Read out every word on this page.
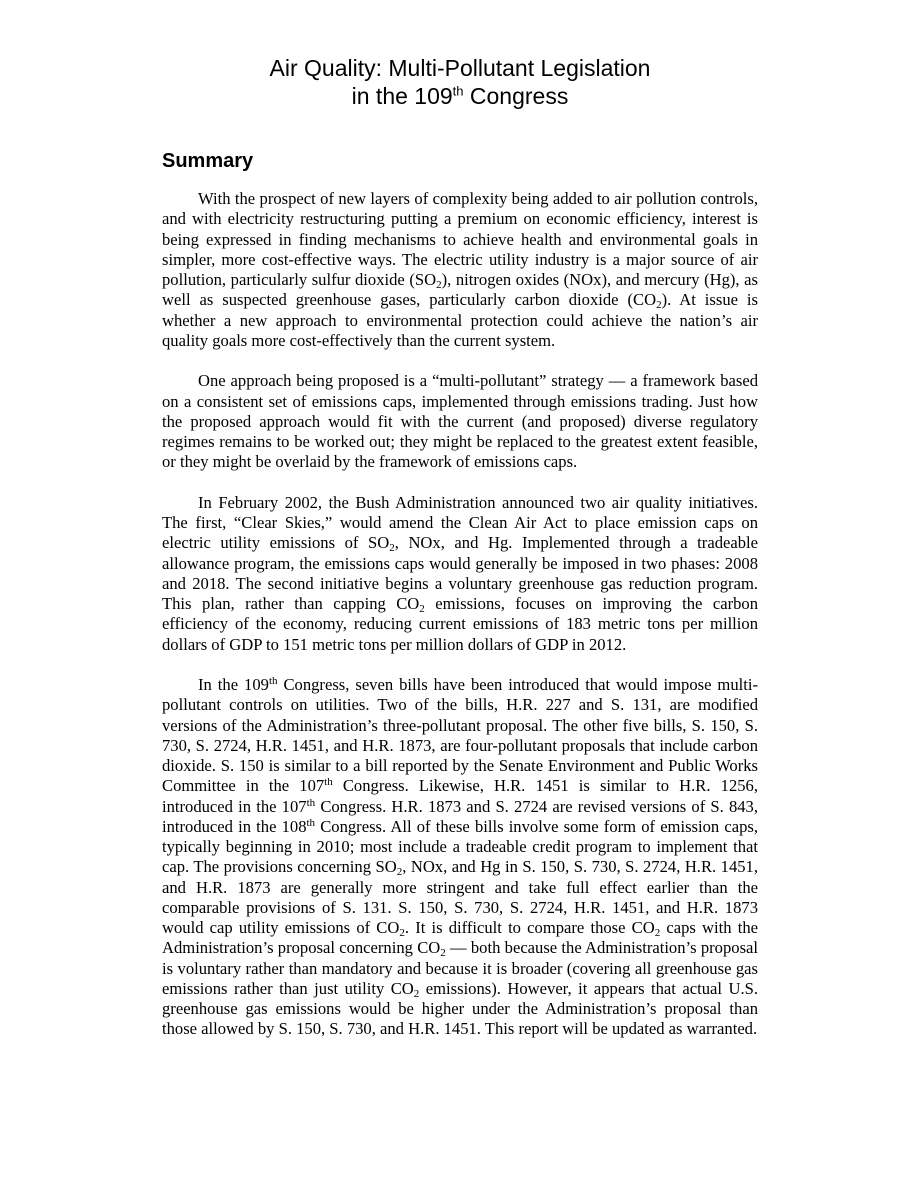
Air Quality: Multi-Pollutant Legislation
in the 109th Congress
Summary

With the prospect of new layers of complexity being added to air pollution controls, and with electricity restructuring putting a premium on economic efficiency, interest is being expressed in finding mechanisms to achieve health and environmental goals in simpler, more cost-effective ways. The electric utility industry is a major source of air pollution, particularly sulfur dioxide $(SO_2)$, nitrogen oxides (NOx), and mercury (Hg), as well as suspected greenhouse gases, particularly carbon dioxide $(CO_2)$. At issue is whether a new approach to environmental protection could achieve the nation’s air quality goals more cost-effectively than the current system.

One approach being proposed is a “multi-pollutant” strategy — a framework based on a consistent set of emissions caps, implemented through emissions trading. Just how the proposed approach would fit with the current (and proposed) diverse regulatory regimes remains to be worked out; they might be replaced to the greatest extent feasible, or they might be overlaid by the framework of emissions caps.

In February 2002, the Bush Administration announced two air quality initiatives. The first, “Clear Skies,” would amend the Clean Air Act to place emission caps on electric utility emissions of $SO_2$, NOx, and Hg. Implemented through a tradeable allowance program, the emissions caps would generally be imposed in two phases: 2008 and 2018. The second initiative begins a voluntary greenhouse gas reduction program. This plan, rather than capping $CO_2$ emissions, focuses on improving the carbon efficiency of the economy, reducing current emissions of 183 metric tons per million dollars of GDP to 151 metric tons per million dollars of GDP in 2012.

In the 109th Congress, seven bills have been introduced that would impose multi-pollutant controls on utilities. Two of the bills, H.R. 227 and S. 131, are modified versions of the Administration’s three-pollutant proposal. The other five bills, S. 150, S. 730, S. 2724, H.R. 1451, and H.R. 1873, are four-pollutant proposals that include carbon dioxide. S. 150 is similar to a bill reported by the Senate Environment and Public Works Committee in the 107th Congress. Likewise, H.R. 1451 is similar to H.R. 1256, introduced in the 107th Congress. H.R. 1873 and S. 2724 are revised versions of S. 843, introduced in the 108th Congress. All of these bills involve some form of emission caps, typically beginning in 2010; most include a tradeable credit program to implement that cap. The provisions concerning $SO_2$, NOx, and Hg in S. 150, S. 730, S. 2724, H.R. 1451, and H.R. 1873 are generally more stringent and take full effect earlier than the comparable provisions of S. 131. S. 150, S. 730, S. 2724, H.R. 1451, and H.R. 1873 would cap utility emissions of $CO_2$. It is difficult to compare those $CO_2$ caps with the Administration’s proposal concerning $CO_2$ — both because the Administration’s proposal is voluntary rather than mandatory and because it is broader (covering all greenhouse gas emissions rather than just utility $CO_2$ emissions). However, it appears that actual U.S. greenhouse gas emissions would be higher under the Administration’s proposal than those allowed by S. 150, S. 730, and H.R. 1451. This report will be updated as warranted.
